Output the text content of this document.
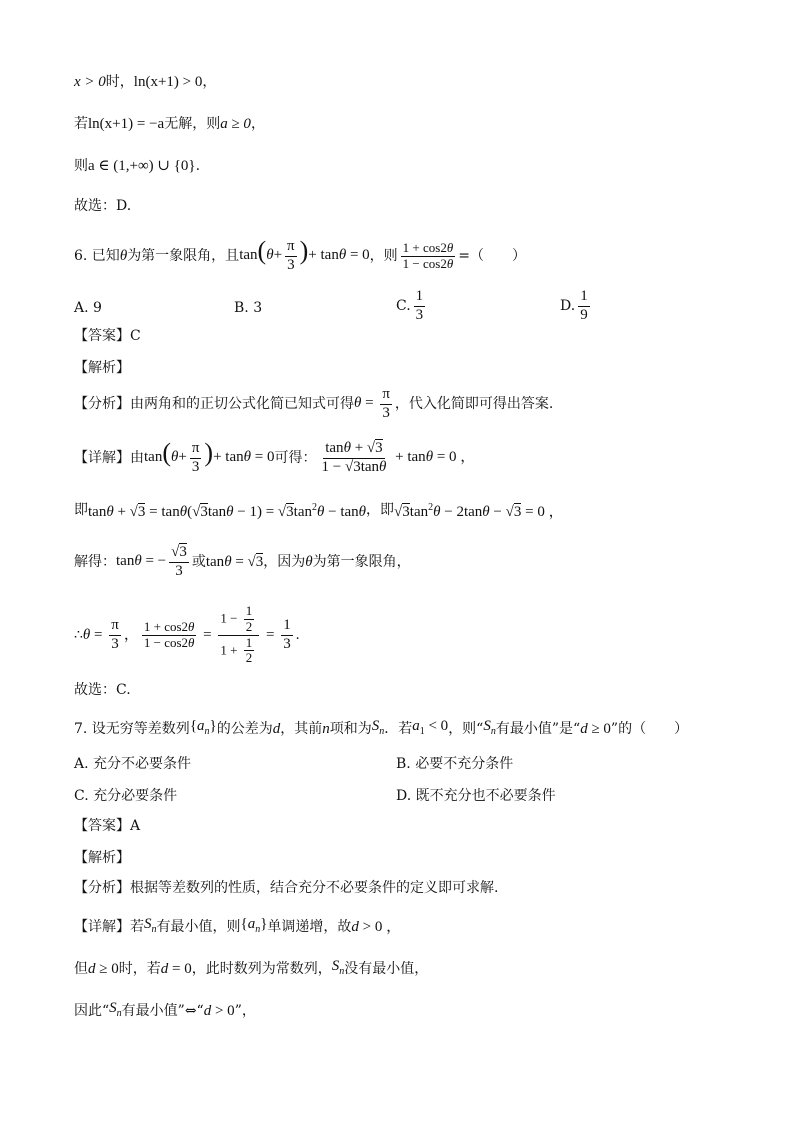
x > 0 时， ln(x+1) > 0 ，
若 ln(x+1) = −a 无解，则 a ≥ 0 ，
则 a ∈ (1,+∞) ∪ {0} .
故选：D.
6. 已知 θ 为第一象限角，且 $\tan(\theta+ \frac{\pi}{3}$ )+ tanθ = 0 ，则 $\frac{1 + \cos 2\theta}{1 - \cos 2\theta}$ =（　　）
A. 9	B. 3	C. $\frac{1}{3}$	D. $\frac{1}{9}$
【答案】C
【解析】
【分析】由两角和的正切公式化简已知式可得 $\theta = \frac{\pi}{3}$ ，代入化简即可得出答案.
【详解】由 $\tan(\theta+ \frac{\pi}{3}$ )+ tanθ = 0 可得： $\frac{\tan\theta + √3}{1 - √3\tan\theta} + \tan\theta = 0$ ，
即 $\tan\theta + √3 = \tan\theta(√3\tan\theta - 1) = √3\tan^2\theta - \tan\theta$ ，即 $√3\tan^2\theta - 2\tan\theta - √3 = 0$ ，
解得： tanθ = − $\frac{√3}{3}$ 或 tanθ = √3 ，因为 θ 为第一象限角，
∴ $\theta = \frac{\pi}{3}$ ， $\frac{1 + \cos 2\theta}{1 - \cos 2\theta} = \frac{1 - \frac{1}{2}}{1 + \frac{1}{2}} = \frac{1}{3}$ .
故选：C.
7. 设无穷等差数列 $\{a_n\}$ 的公差为 d ，其前 n 项和为 $S_n$ ．若 $a_1 < 0$ ，则“ $S_n$ 有最小值”是“ d ≥ 0 ”的（　　）
A. 充分不必要条件	B. 必要不充分条件
C. 充分必要条件	D. 既不充分也不必要条件
【答案】A
【解析】
【分析】根据等差数列的性质，结合充分不必要条件的定义即可求解.
【详解】若 $S_n$ 有最小值，则 $\{a_n\}$ 单调递增，故 d > 0 ，
但 d ≥ 0 时，若 d = 0 ，此时数列为常数列， $S_n$ 没有最小值，
因此“ $S_n$ 有最小值”⇔“ d > 0 ”，
